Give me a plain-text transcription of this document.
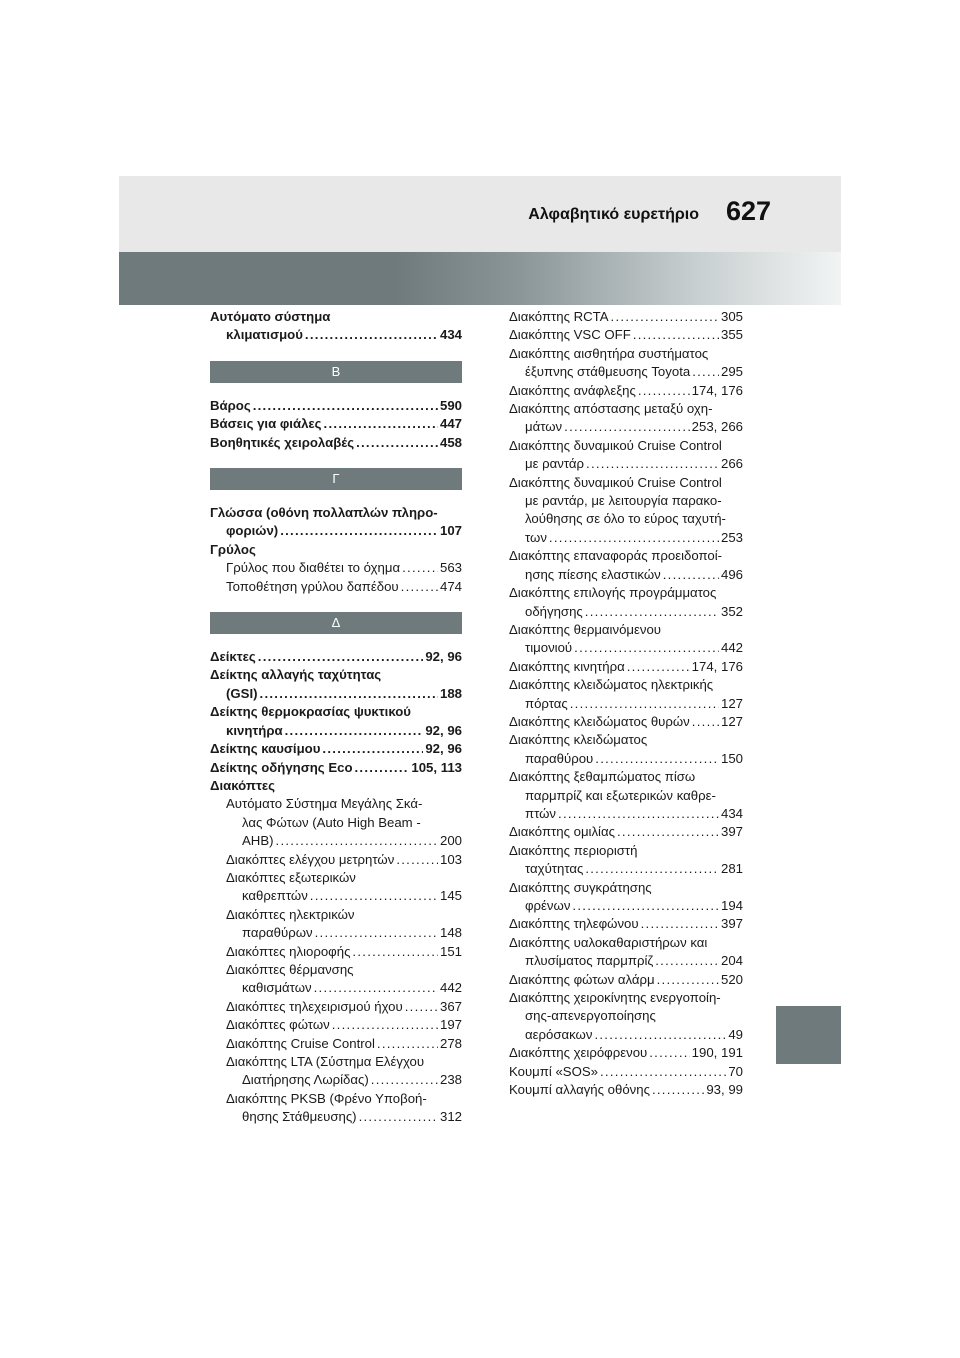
Αλφαβητικό ευρετήριο 627
Αυτόματο σύστημα
κλιματισμού . . .	434
Β
Βάρος . . .	590
Βάσεις για φιάλες . . .	447
Βοηθητικές χειρολαβές . . .	458
Γ
Γλώσσα (οθόνη πολλαπλών πληρο-
φοριών) . . .	107
Γρύλος
Γρύλος που διαθέτει το όχημα . . .	563
Τοποθέτηση γρύλου δαπέδου . . .	474
Δ
Δείκτες . . .	92, 96
Δείκτης αλλαγής ταχύτητας
(GSI) . . .	188
Δείκτης θερμοκρασίας ψυκτικού
κινητήρα . . .	92, 96
Δείκτης καυσίμου . . .	92, 96
Δείκτης οδήγησης Eco . . .	105, 113
Διακόπτες
Αυτόματο Σύστημα Μεγάλης Σκά-
λας Φώτων (Auto High Beam -
AHB) . . .	200
Διακόπτες ελέγχου μετρητών . . .	103
Διακόπτες εξωτερικών
καθρεπτών . . .	145
Διακόπτες ηλεκτρικών
παραθύρων . . .	148
Διακόπτες ηλιοροφής . . .	151
Διακόπτες θέρμανσης
καθισμάτων . . .	442
Διακόπτες τηλεχειρισμού ήχου . . .	367
Διακόπτες φώτων . . .	197
Διακόπτης Cruise Control . . .	278
Διακόπτης LTA (Σύστημα Ελέγχου
Διατήρησης Λωρίδας) . . .	238
Διακόπτης PKSB (Φρένο Υποβοή-
θησης Στάθμευσης) . . .	312
Διακόπτης RCTA . . .	305
Διακόπτης VSC OFF . . .	355
Διακόπτης αισθητήρα συστήματος
έξυπνης στάθμευσης Toyota . . . 295
Διακόπτης ανάφλεξης . . .	174, 176
Διακόπτης απόστασης μεταξύ οχη-
μάτων . . .	253, 266
Διακόπτης δυναμικού Cruise Control
με ραντάρ . . .	266
Διακόπτης δυναμικού Cruise Control
με ραντάρ, με λειτουργία παρακο-
λούθησης σε όλο το εύρος ταχυτή-
των . . .	253
Διακόπτης επαναφοράς προειδοποί-
ησης πίεσης ελαστικών . . .	496
Διακόπτης επιλογής προγράμματος
οδήγησης . . .	352
Διακόπτης θερμαινόμενου
τιμονιού . . .	442
Διακόπτης κινητήρα . . .	174, 176
Διακόπτης κλειδώματος ηλεκτρικής
πόρτας . . .	127
Διακόπτης κλειδώματος θυρών . . . 127
Διακόπτης κλειδώματος
παραθύρου . . .	150
Διακόπτης ξεθαμπώματος πίσω
παρμπρίζ και εξωτερικών καθρε-
πτών . . .	434
Διακόπτης ομιλίας . . .	397
Διακόπτης περιοριστή
ταχύτητας . . .	281
Διακόπτης συγκράτησης
φρένων . . .	194
Διακόπτης τηλεφώνου . . .	397
Διακόπτης υαλοκαθαριστήρων και
πλυσίματος παρμπρίζ . . .	204
Διακόπτης φώτων αλάρμ . . .	520
Διακόπτης χειροκίνητης ενεργοποίη-
σης-απενεργοποίησης
αερόσακων . . .	49
Διακόπτης χειρόφρενου . . .	190, 191
Κουμπί «SOS» . . .	70
Κουμπί αλλαγής οθόνης . . .	93, 99
